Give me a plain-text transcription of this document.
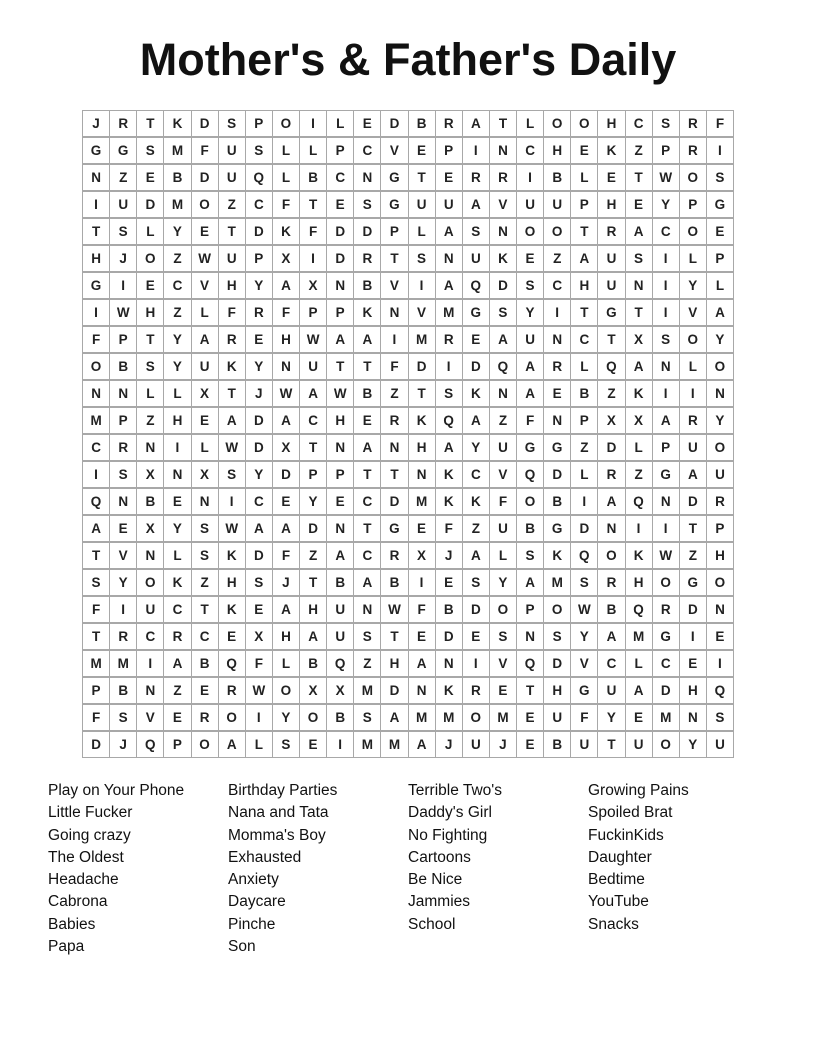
Mother's & Father's Daily
J	R	T	K	D	S	P	O	I	L	E	D	B	R	A	T	L	O	O	H	C	S	R	F
G	G	S	M	F	U	S	L	L	P	C	V	E	P	I	N	C	H	E	K	Z	P	R	I
N	Z	E	B	D	U	Q	L	B	C	N	G	T	E	R	R	I	B	L	E	T	W	O	S
I	U	D	M	O	Z	C	F	T	E	S	G	U	U	A	V	U	U	P	H	E	Y	P	G
T	S	L	Y	E	T	D	K	F	D	D	P	L	A	S	N	O	O	T	R	A	C	O	E
H	J	O	Z	W	U	P	X	I	D	R	T	S	N	U	K	E	Z	A	U	S	I	L	P
G	I	E	C	V	H	Y	A	X	N	B	V	I	A	Q	D	S	C	H	U	N	I	Y	L
I	W	H	Z	L	F	R	F	P	P	K	N	V	M	G	S	Y	I	T	G	T	I	V	A
F	P	T	Y	A	R	E	H	W	A	A	I	M	R	E	A	U	N	C	T	X	S	O	Y
O	B	S	Y	U	K	Y	N	U	T	T	F	D	I	D	Q	A	R	L	Q	A	N	L	O
N	N	L	L	X	T	J	W	A	W	B	Z	T	S	K	N	A	E	B	Z	K	I	I	N
M	P	Z	H	E	A	D	A	C	H	E	R	K	Q	A	Z	F	N	P	X	X	A	R	Y
C	R	N	I	L	W	D	X	T	N	A	N	H	A	Y	U	G	G	Z	D	L	P	U	O
I	S	X	N	X	S	Y	D	P	P	T	T	N	K	C	V	Q	D	L	R	Z	G	A	U
Q	N	B	E	N	I	C	E	Y	E	C	D	M	K	K	F	O	B	I	A	Q	N	D	R
A	E	X	Y	S	W	A	A	D	N	T	G	E	F	Z	U	B	G	D	N	I	I	T	P
T	V	N	L	S	K	D	F	Z	A	C	R	X	J	A	L	S	K	Q	O	K	W	Z	H
S	Y	O	K	Z	H	S	J	T	B	A	B	I	E	S	Y	A	M	S	R	H	O	G	O
F	I	U	C	T	K	E	A	H	U	N	W	F	B	D	O	P	O	W	B	Q	R	D	N
T	R	C	R	C	E	X	H	A	U	S	T	E	D	E	S	N	S	Y	A	M	G	I	E
M	M	I	A	B	Q	F	L	B	Q	Z	H	A	N	I	V	Q	D	V	C	L	C	E	I
P	B	N	Z	E	R	W	O	X	X	M	D	N	K	R	E	T	H	G	U	A	D	H	Q
F	S	V	E	R	O	I	Y	O	B	S	A	M	M	O	M	E	U	F	Y	E	M	N	S
D	J	Q	P	O	A	L	S	E	I	M	M	A	J	U	J	E	B	U	T	U	O	Y	U
Play on Your Phone
Little Fucker
Going crazy
The Oldest
Headache
Cabrona
Babies
Papa
Birthday Parties
Nana and Tata
Momma's Boy
Exhausted
Anxiety
Daycare
Pinche
Son
Terrible Two's
Daddy's Girl
No Fighting
Cartoons
Be Nice
Jammies
School
Growing Pains
Spoiled Brat
FuckinKids
Daughter
Bedtime
YouTube
Snacks
